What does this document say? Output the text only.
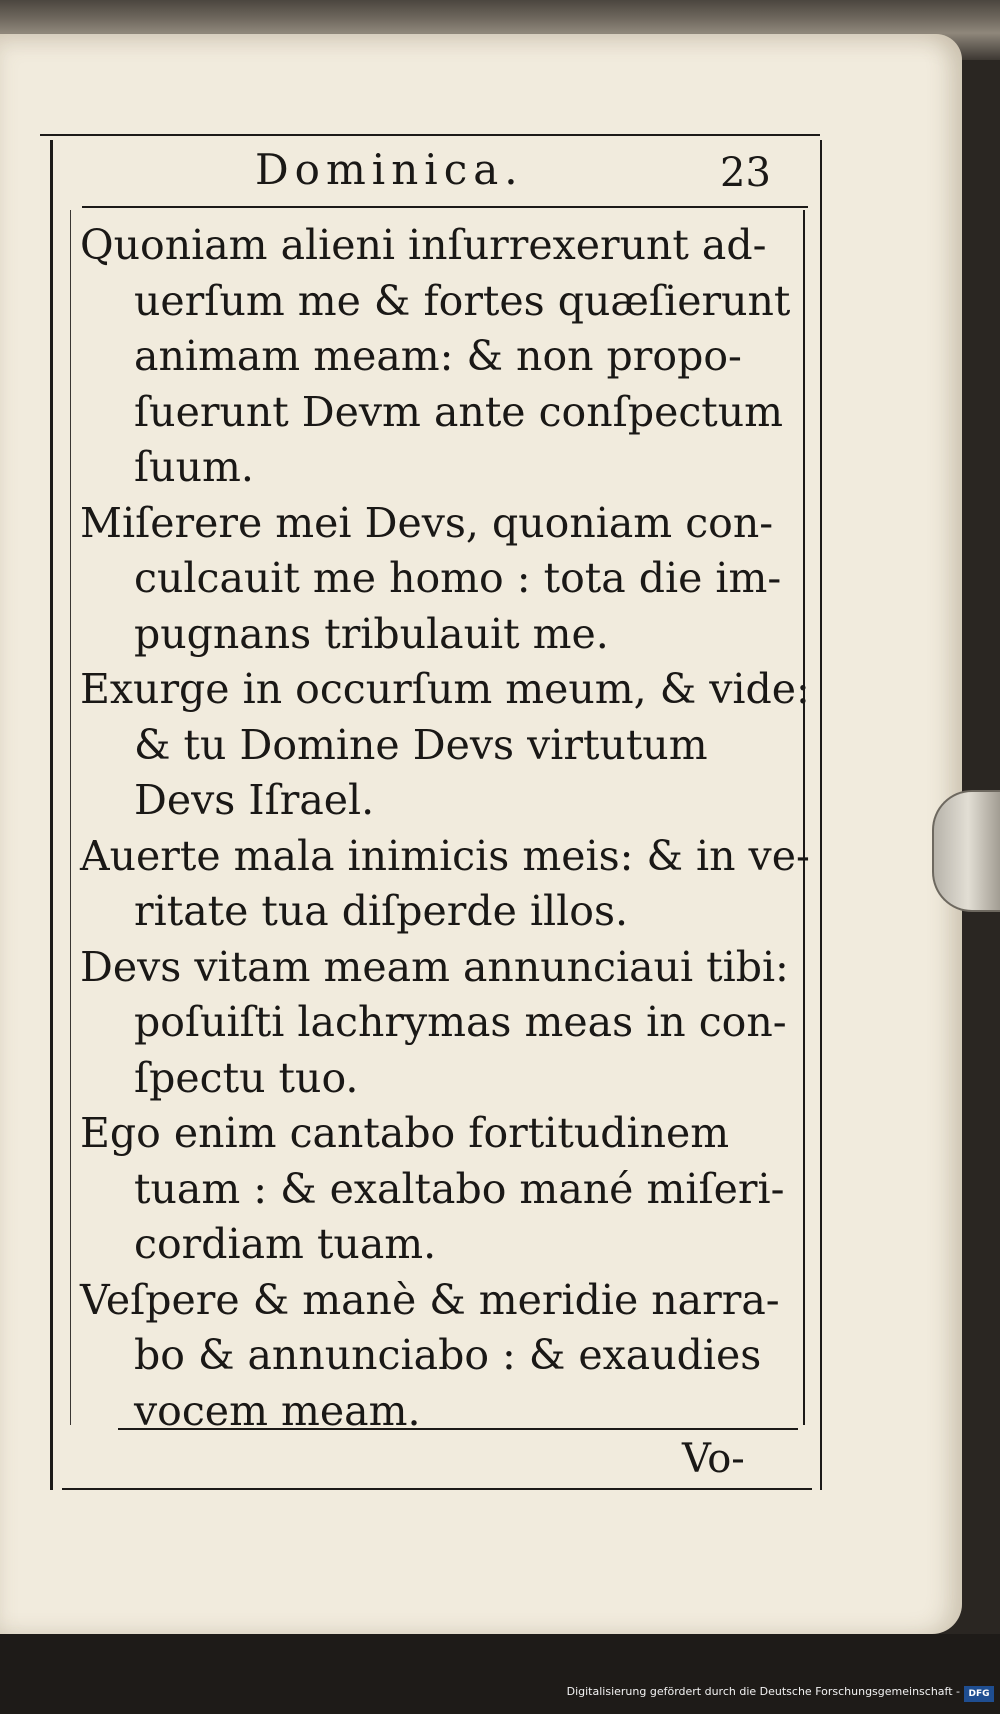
Dominica.	23
Quoniam alieni inſurrexerunt ad-
uerſum me & fortes quæſierunt
animam meam: & non propo-
ſuerunt Devm ante conſpectum
ſuum.
Miſerere mei Devs, quoniam con-
culcauit me homo : tota die im-
pugnans tribulauit me.
Exurge in occurſum meum, & vide:
& tu Domine Devs virtutum
Devs Iſrael.
Auerte mala inimicis meis: & in ve-
ritate tua diſperde illos.
Devs vitam meam annunciaui tibi:
poſuiſti lachrymas meas in con-
ſpectu tuo.
Ego enim cantabo fortitudinem
tuam : & exaltabo mané miſeri-
cordiam tuam.
Veſpere & manè & meridie narra-
bo & annunciabo : & exaudies
vocem meam.
Vo-
Digitalisierung gefördert durch die Deutsche Forschungsgemeinschaft - DFG
